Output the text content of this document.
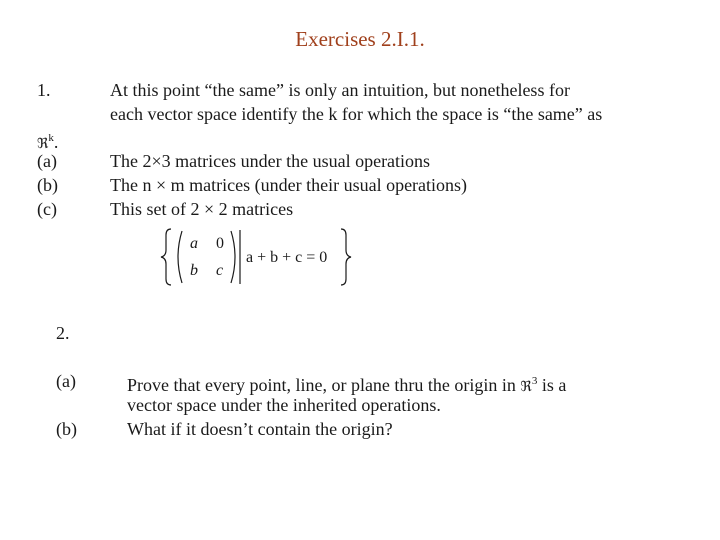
Exercises 2.I.1.
1.	At this point “the same” is only an intuition, but nonetheless for
each vector space identify the k for which the space is “the same” as
ℜ$^k$.
(a)	The 2×3 matrices under the usual operations
(b)	The n × m matrices (under their usual operations)
(c)	This set of 2 × 2 matrices
a 0
b c
a + b + c = 0
2.
(a)	Prove that every point, line, or plane thru the origin in ℜ$^3$ is a
vector space under the inherited operations.
(b)	What if it doesn’t contain the origin?
